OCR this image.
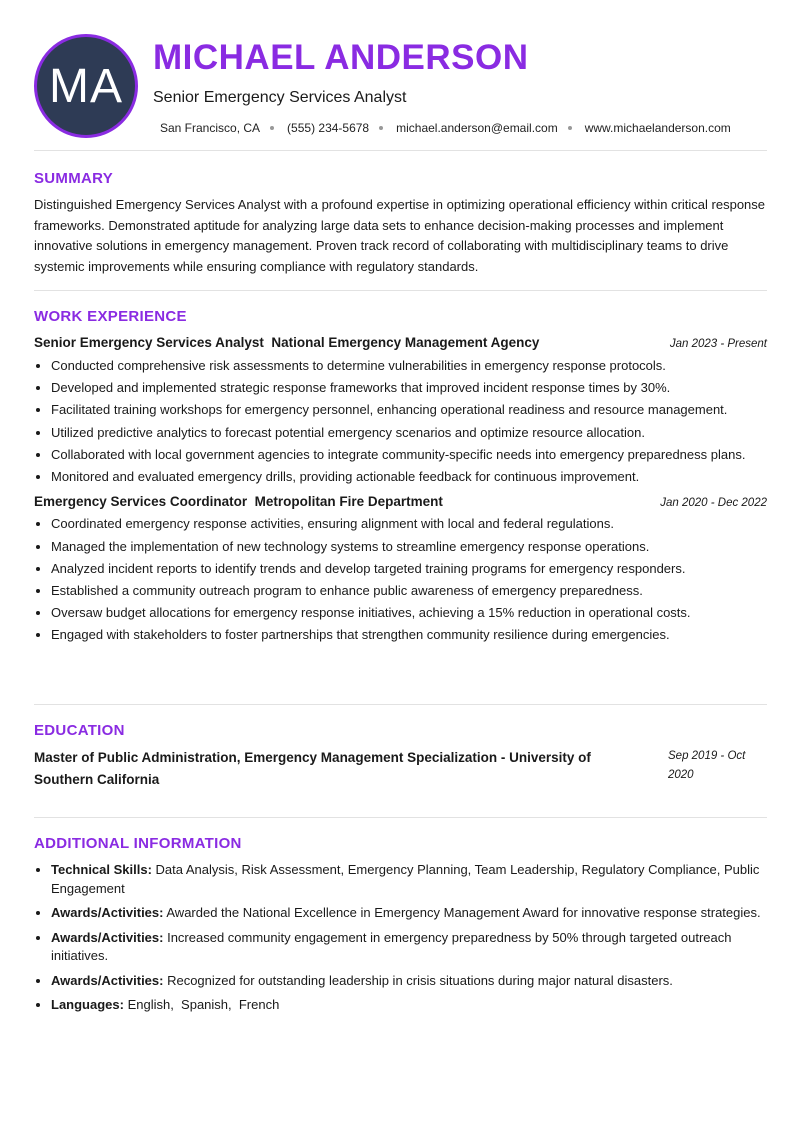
MA
MICHAEL ANDERSON
Senior Emergency Services Analyst
San Francisco, CA (555) 234-5678 michael.anderson@email.com www.michaelanderson.com
SUMMARY

Distinguished Emergency Services Analyst with a profound expertise in optimizing operational efficiency within critical response frameworks. Demonstrated aptitude for analyzing large data sets to enhance decision-making processes and implement innovative solutions in emergency management. Proven track record of collaborating with multidisciplinary teams to drive systemic improvements while ensuring compliance with regulatory standards.

WORK EXPERIENCE
Senior Emergency Services Analyst  National Emergency Management Agency	Jan 2023 - Present
• Conducted comprehensive risk assessments to determine vulnerabilities in emergency response protocols.
• Developed and implemented strategic response frameworks that improved incident response times by 30%.
• Facilitated training workshops for emergency personnel, enhancing operational readiness and resource management.
• Utilized predictive analytics to forecast potential emergency scenarios and optimize resource allocation.
• Collaborated with local government agencies to integrate community-specific needs into emergency preparedness plans.
• Monitored and evaluated emergency drills, providing actionable feedback for continuous improvement.
Emergency Services Coordinator  Metropolitan Fire Department	Jan 2020 - Dec 2022
• Coordinated emergency response activities, ensuring alignment with local and federal regulations.
• Managed the implementation of new technology systems to streamline emergency response operations.
• Analyzed incident reports to identify trends and develop targeted training programs for emergency responders.
• Established a community outreach program to enhance public awareness of emergency preparedness.
• Oversaw budget allocations for emergency response initiatives, achieving a 15% reduction in operational costs.
• Engaged with stakeholders to foster partnerships that strengthen community resilience during emergencies.
EDUCATION
Master of Public Administration, Emergency Management Specialization - University of Southern California
Sep 2019 - Oct 2020
ADDITIONAL INFORMATION
• Technical Skills: Data Analysis, Risk Assessment, Emergency Planning, Team Leadership, Regulatory Compliance, Public Engagement
• Awards/Activities: Awarded the National Excellence in Emergency Management Award for innovative response strategies.
• Awards/Activities: Increased community engagement in emergency preparedness by 50% through targeted outreach initiatives.
• Awards/Activities: Recognized for outstanding leadership in crisis situations during major natural disasters.
• Languages: English,  Spanish,  French
